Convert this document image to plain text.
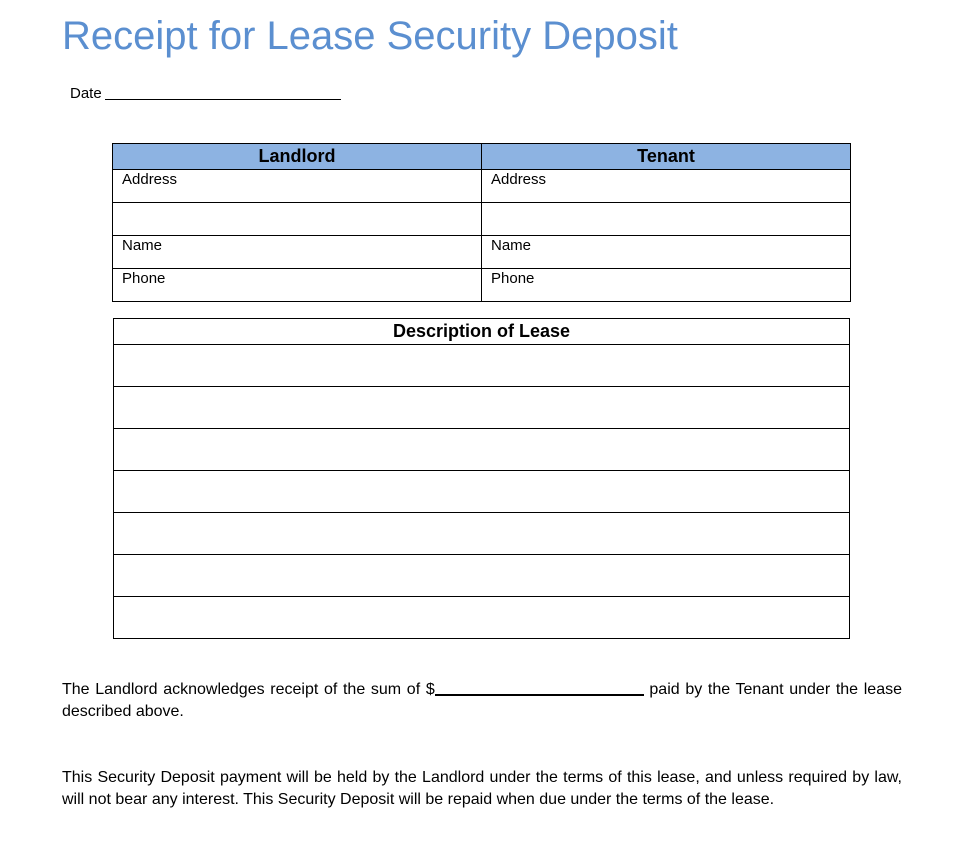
Receipt for Lease Security Deposit
Date
Landlord	Tenant
Address	Address

Name	Name
Phone	Phone
Description of Lease

The Landlord acknowledges receipt of the sum of $	paid by the Tenant under the lease described above.
This Security Deposit payment will be held by the Landlord under the terms of this lease, and unless required by law, will not bear any interest. This Security Deposit will be repaid when due under the terms of the lease.
